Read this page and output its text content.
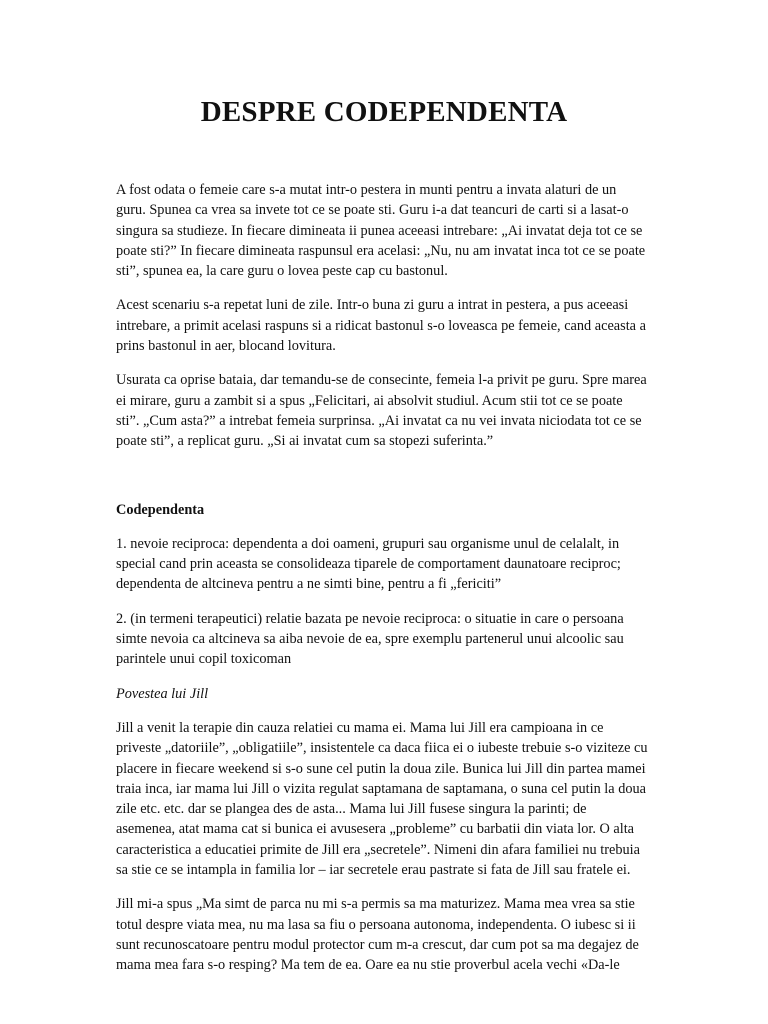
DESPRE CODEPENDENTA

A fost odata o femeie care s-a mutat intr-o pestera in munti pentru a invata alaturi de un guru. Spunea ca vrea sa invete tot ce se poate sti. Guru i-a dat teancuri de carti si a lasat-o singura sa studieze. In fiecare dimineata ii punea aceeasi intrebare: „Ai invatat deja tot ce se poate sti?” In fiecare dimineata raspunsul era acelasi: „Nu, nu am invatat inca tot ce se poate sti”, spunea ea, la care guru o lovea peste cap cu bastonul.

Acest scenariu s-a repetat luni de zile. Intr-o buna zi guru a intrat in pestera, a pus aceeasi intrebare, a primit acelasi raspuns si a ridicat bastonul s-o loveasca pe femeie, cand aceasta a prins bastonul in aer, blocand lovitura.

Usurata ca oprise bataia, dar temandu-se de consecinte, femeia l-a privit pe guru. Spre marea ei mirare, guru a zambit si a spus „Felicitari, ai absolvit studiul. Acum stii tot ce se poate sti”. „Cum asta?” a intrebat femeia surprinsa. „Ai invatat ca nu vei invata niciodata tot ce se poate sti”, a replicat guru. „Si ai invatat cum sa stopezi suferinta.”

Codependenta

1. nevoie reciproca: dependenta a doi oameni, grupuri sau organisme unul de celalalt, in special cand prin aceasta se consolideaza tiparele de comportament daunatoare reciproc; dependenta de altcineva pentru a ne simti bine, pentru a fi „fericiti”

2. (in termeni terapeutici) relatie bazata pe nevoie reciproca: o situatie in care o persoana simte nevoia ca altcineva sa aiba nevoie de ea, spre exemplu partenerul unui alcoolic sau parintele unui copil toxicoman

Povestea lui Jill

Jill a venit la terapie din cauza relatiei cu mama ei. Mama lui Jill era campioana in ce priveste „datoriile”, „obligatiile”, insistentele ca daca fiica ei o iubeste trebuie s-o viziteze cu placere in fiecare weekend si s-o sune cel putin la doua zile. Bunica lui Jill din partea mamei traia inca, iar mama lui Jill o vizita regulat saptamana de saptamana, o suna cel putin la doua zile etc. etc. dar se plangea des de asta... Mama lui Jill fusese singura la parinti; de asemenea, atat mama cat si bunica ei avusesera „probleme” cu barbatii din viata lor. O alta caracteristica a educatiei primite de Jill era „secretele”. Nimeni din afara familiei nu trebuia sa stie ce se intampla in familia lor – iar secretele erau pastrate si fata de Jill sau fratele ei.

Jill mi-a spus „Ma simt de parca nu mi s-a permis sa ma maturizez. Mama mea vrea sa stie totul despre viata mea, nu ma lasa sa fiu o persoana autonoma, independenta. O iubesc si ii sunt recunoscatoare pentru modul protector cum m-a crescut, dar cum pot sa ma degajez de mama mea fara s-o resping? Ma tem de ea. Oare ea nu stie proverbul acela vechi «Da-le
